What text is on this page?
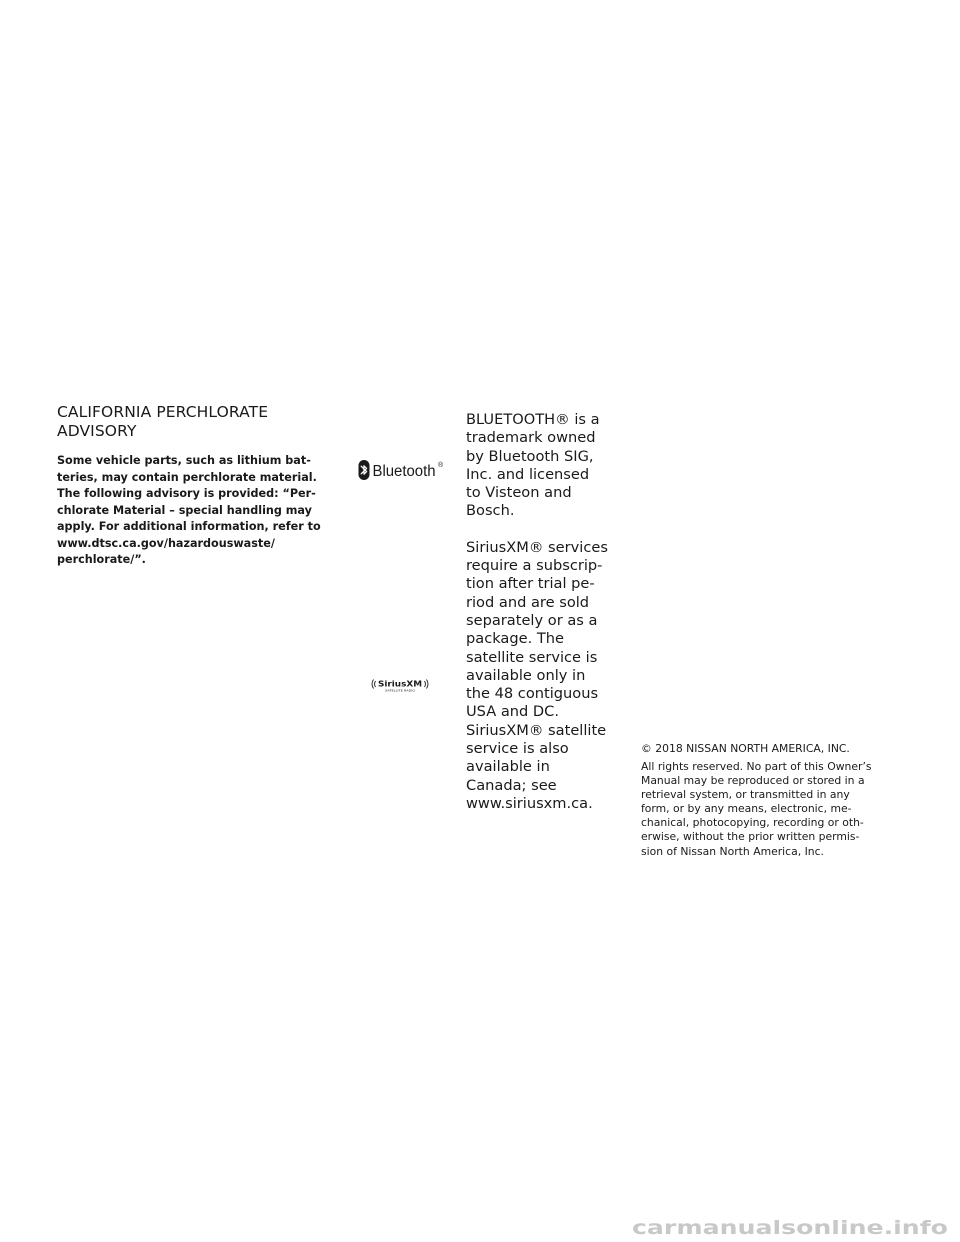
CALIFORNIA PERCHLORATE ADVISORY

Some vehicle parts, such as lithium bat-
teries, may contain perchlorate material.
The following advisory is provided: “Per-
chlorate Material – special handling may
apply. For additional information, refer to
www.dtsc.ca.gov/hazardouswaste/
perchlorate/”.

Bluetooth ®

BLUETOOTH® is a
trademark owned
by Bluetooth SIG,
Inc. and licensed
to Visteon and
Bosch.

SiriusXM® services
require a subscrip-
tion after trial pe-
riod and are sold
separately or as a
package. The
satellite service is
available only in
the 48 contiguous
USA and DC.
SiriusXM® satellite
service is also
available in
Canada; see
www.siriusxm.ca.

SiriusXM
SATELLITE RADIO

© 2018 NISSAN NORTH AMERICA, INC.

All rights reserved. No part of this Owner’s
Manual may be reproduced or stored in a
retrieval system, or transmitted in any
form, or by any means, electronic, me-
chanical, photocopying, recording or oth-
erwise, without the prior written permis-
sion of Nissan North America, Inc.

carmanualsonline.info
